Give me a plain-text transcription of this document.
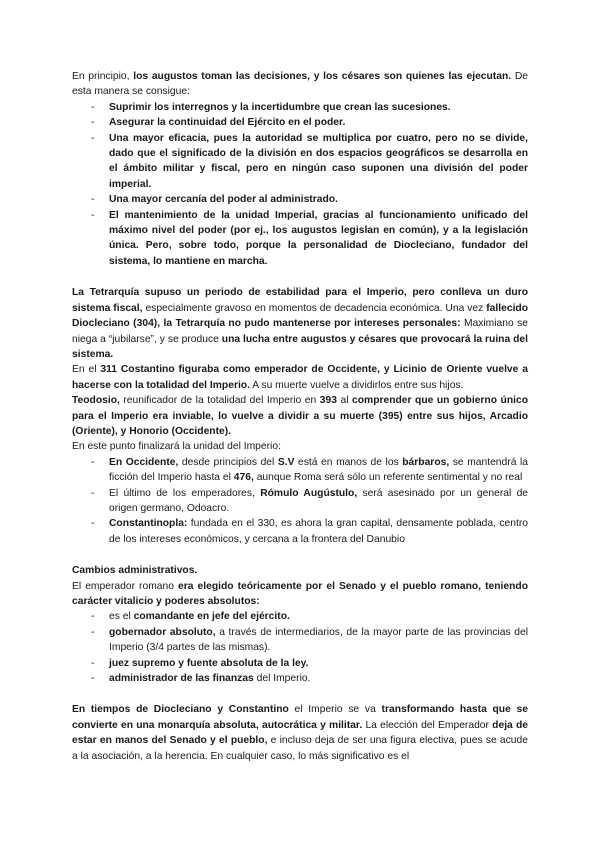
En principio, los augustos toman las decisiones, y los césares son quienes las ejecutan. De esta manera se consigue:

- Suprimir los interregnos y la incertidumbre que crean las sucesiones.
- Asegurar la continuidad del Ejército en el poder.
- Una mayor eficacia, pues la autoridad se multiplica por cuatro, pero no se divide, dado que el significado de la división en dos espacios geográficos se desarrolla en el ámbito militar y fiscal, pero en ningún caso suponen una división del poder imperial.
- Una mayor cercanía del poder al administrado.
- El mantenimiento de la unidad Imperial, gracias al funcionamiento unificado del máximo nivel del poder (por ej., los augustos legislan en común), y a la legislación única. Pero, sobre todo, porque la personalidad de Diocleciano, fundador del sistema, lo mantiene en marcha.

La Tetrarquía supuso un periodo de estabilidad para el Imperio, pero conlleva un duro sistema fiscal, especialmente gravoso en momentos de decadencia económica. Una vez fallecido Diocleciano (304), la Tetrarquía no pudo mantenerse por intereses personales: Maximiano se niega a “jubilarse”, y se produce una lucha entre augustos y césares que provocará la ruina del sistema.

En el 311 Costantino figuraba como emperador de Occidente, y Licinio de Oriente vuelve a hacerse con la totalidad del Imperio. A su muerte vuelve a dividirlos entre sus hijos.

Teodosio, reunificador de la totalidad del Imperio en 393 al comprender que un gobierno único para el Imperio era inviable, lo vuelve a dividir a su muerte (395) entre sus hijos, Arcadio (Oriente), y Honorio (Occidente).

En este punto finalizará la unidad del Imperio:

- En Occidente, desde principios del S.V está en manos de los bárbaros, se mantendrá la ficción del Imperio hasta el 476, aunque Roma será sólo un referente sentimental y no real
- El último de los emperadores, Rómulo Augústulo, será asesinado por un general de origen germano, Odoacro.
- Constantinopla: fundada en el 330, es ahora la gran capital, densamente poblada, centro de los intereses económicos, y cercana a la frontera del Danubio

Cambios administrativos.

El emperador romano era elegido teóricamente por el Senado y el pueblo romano, teniendo carácter vitalicio y poderes absolutos:

- es el comandante en jefe del ejército.
- gobernador absoluto, a través de intermediarios, de la mayor parte de las provincias del Imperio (3/4 partes de las mismas).
- juez supremo y fuente absoluta de la ley.
- administrador de las finanzas del Imperio.

En tiempos de Diocleciano y Constantino el Imperio se va transformando hasta que se convierte en una monarquía absoluta, autocrática y militar. La elección del Emperador deja de estar en manos del Senado y el pueblo, e incluso deja de ser una figura electiva, pues se acude a la asociación, a la herencia. En cualquier caso, lo más significativo es el
